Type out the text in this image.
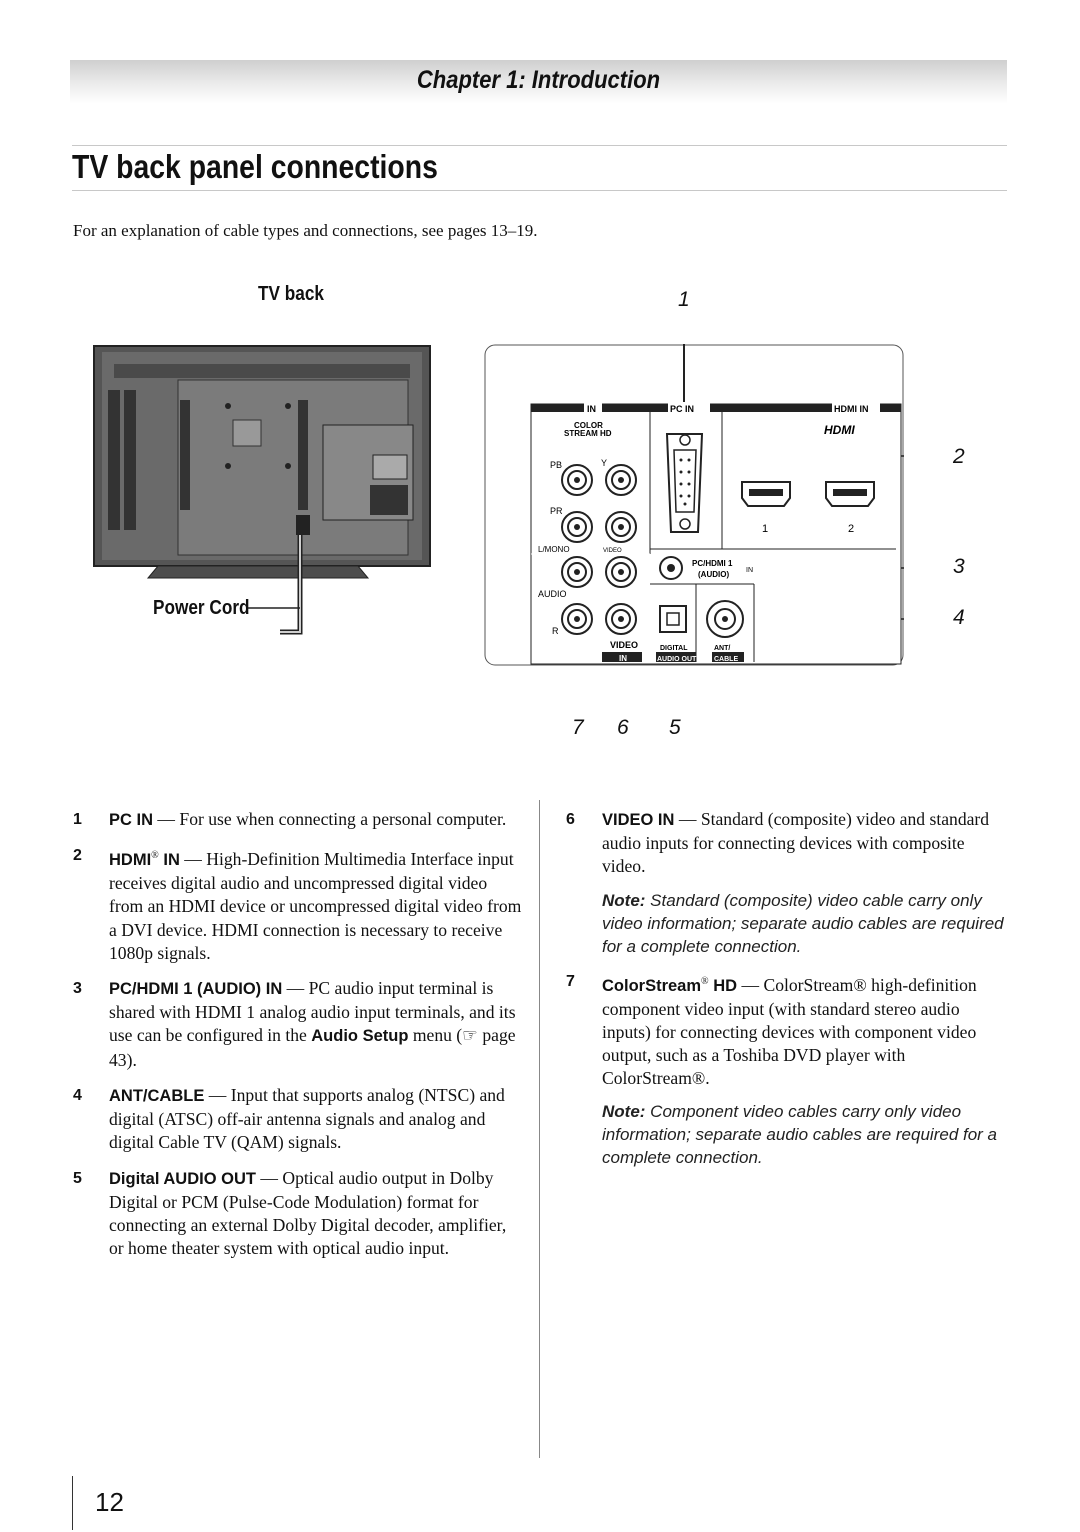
Chapter 1: Introduction
TV back panel connections
For an explanation of cable types and connections, see pages 13–19.
TV back
Power Cord
1
2
3
4
7 6 5
IN	PC IN	HDMI IN
COLOR
STREAM HD	HDMI
PB	Y
PR
L/MONO	VIDEO
AUDIO
R
VIDEO
IN
1	2
PC/HDMI 1
(AUDIO) IN
DIGITAL
AUDIO OUT
ANT/
CABLE
1 PC IN — For use when connecting a personal computer.
2 HDMI® IN — High-Definition Multimedia Interface input receives digital audio and uncompressed digital video from an HDMI device or uncompressed digital video from a DVI device. HDMI connection is necessary to receive 1080p signals.
3 PC/HDMI 1 (AUDIO) IN — PC audio input terminal is shared with HDMI 1 analog audio input terminals, and its use can be configured in the Audio Setup menu (☞ page 43).
4 ANT/CABLE — Input that supports analog (NTSC) and digital (ATSC) off-air antenna signals and analog and digital Cable TV (QAM) signals.
5 Digital AUDIO OUT — Optical audio output in Dolby Digital or PCM (Pulse-Code Modulation) format for connecting an external Dolby Digital decoder, amplifier, or home theater system with optical audio input.
6 VIDEO IN — Standard (composite) video and standard audio inputs for connecting devices with composite video.
Note: Standard (composite) video cable carry only video information; separate audio cables are required for a complete connection.
7 ColorStream® HD — ColorStream® high-definition component video input (with standard stereo audio inputs) for connecting devices with component video output, such as a Toshiba DVD player with ColorStream®.
Note: Component video cables carry only video information; separate audio cables are required for a complete connection.
12
